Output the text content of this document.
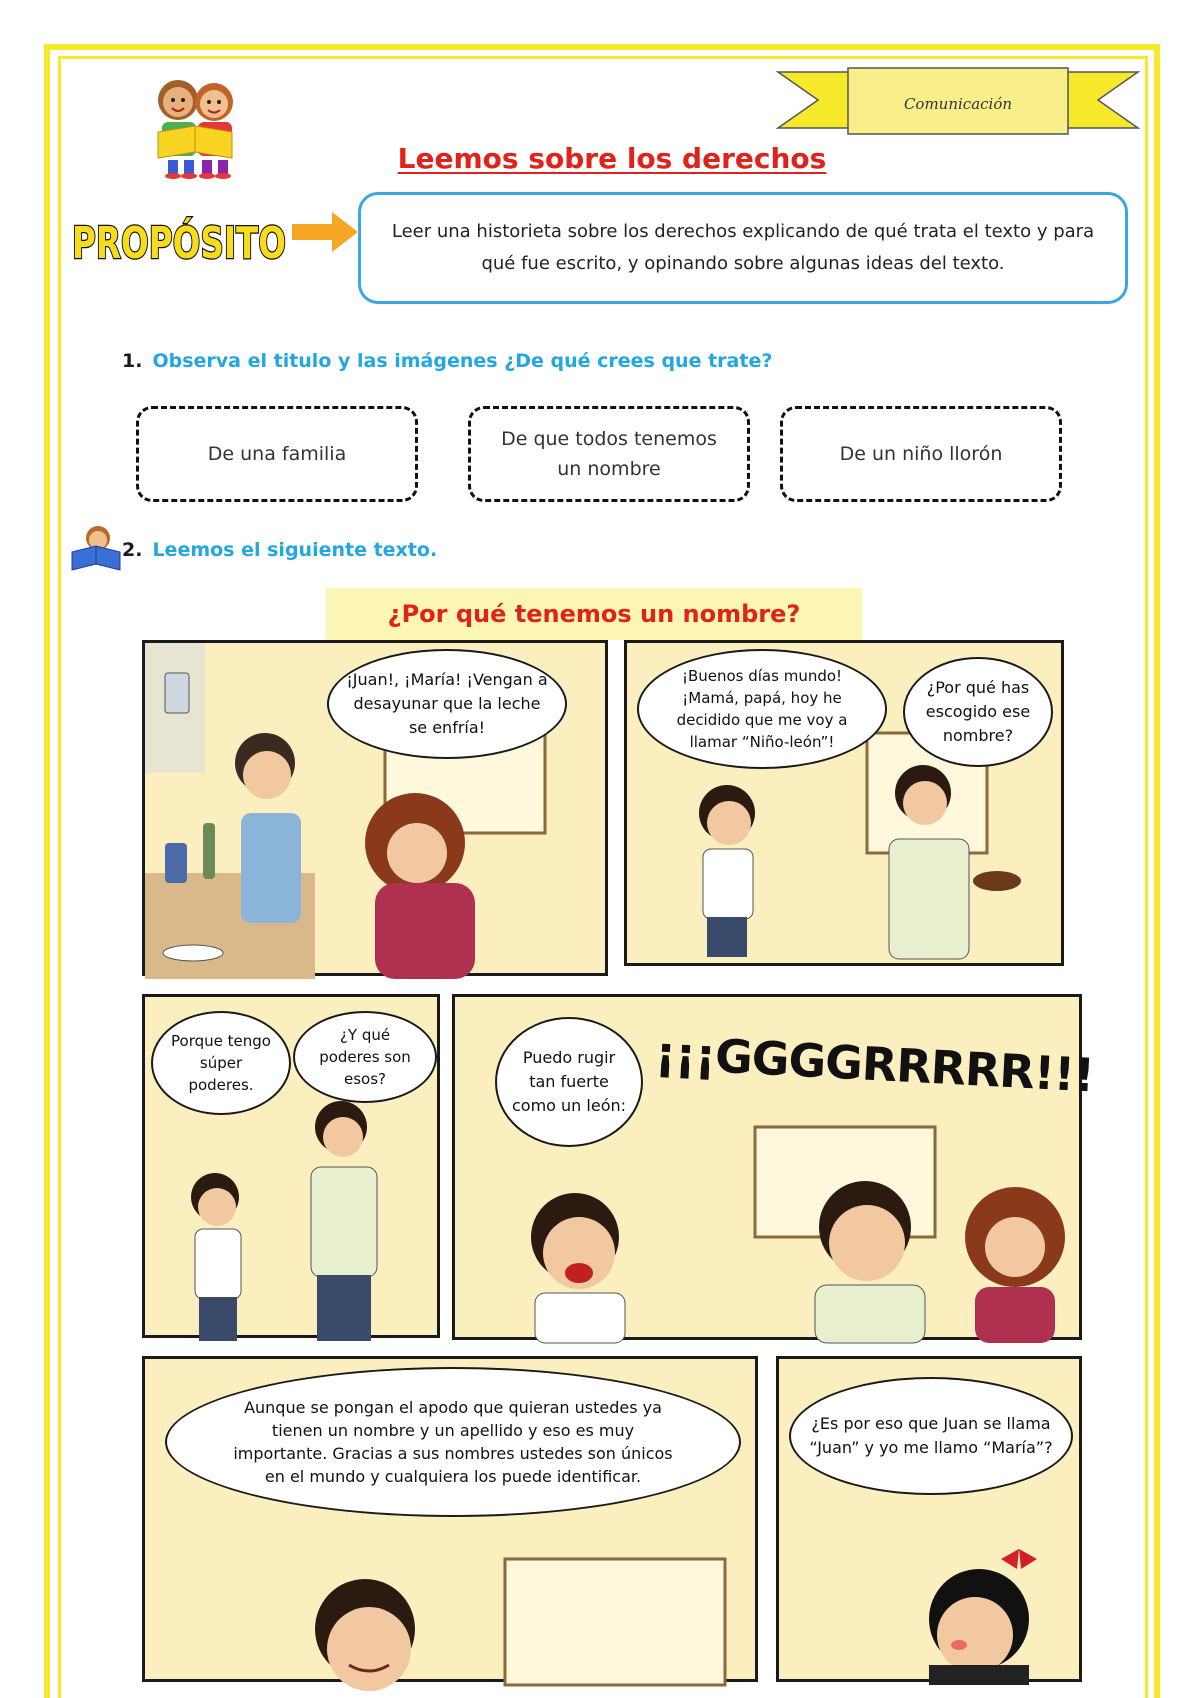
Comunicación
Leemos sobre los derechos
PROPÓSITO Leer una historieta sobre los derechos explicando de qué trata el texto y para qué fue escrito, y opinando sobre algunas ideas del texto.
1. Observa el titulo y las imágenes ¿De qué crees que trate?
De una familia
De que todos tenemos un nombre
De un niño llorón
2. Leemos el siguiente texto.
¿Por qué tenemos un nombre?
¡Juan!, ¡María! ¡Vengan a desayunar que la leche se enfría!
¡Buenos días mundo! ¡Mamá, papá, hoy he decidido que me voy a llamar “Niño-león”!
¿Por qué has escogido ese nombre?
Porque tengo súper poderes.
¿Y qué poderes son esos?
Puedo rugir tan fuerte como un león:
¡¡¡GGGGRRRRR!!!
Aunque se pongan el apodo que quieran ustedes ya tienen un nombre y un apellido y eso es muy importante. Gracias a sus nombres ustedes son únicos en el mundo y cualquiera los puede identificar.
¿Es por eso que Juan se llama “Juan” y yo me llamo “María”?
